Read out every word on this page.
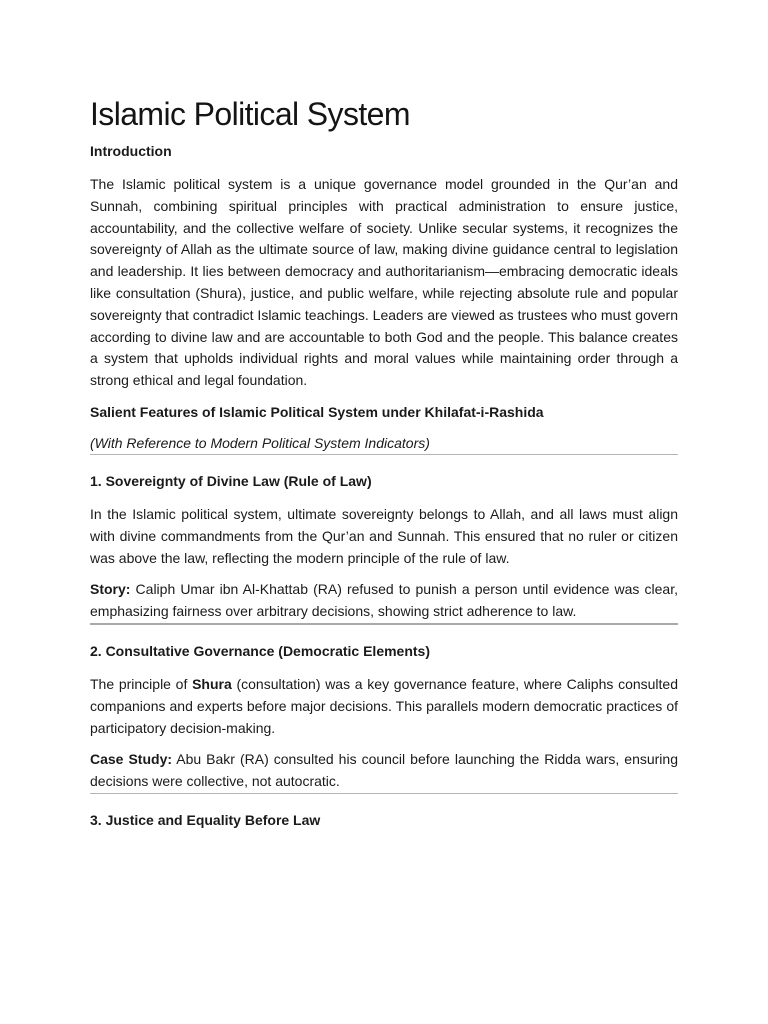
Islamic Political System
Introduction

The Islamic political system is a unique governance model grounded in the Qur’an and Sunnah, combining spiritual principles with practical administration to ensure justice, accountability, and the collective welfare of society. Unlike secular systems, it recognizes the sovereignty of Allah as the ultimate source of law, making divine guidance central to legislation and leadership. It lies between democracy and authoritarianism—embracing democratic ideals like consultation (Shura), justice, and public welfare, while rejecting absolute rule and popular sovereignty that contradict Islamic teachings. Leaders are viewed as trustees who must govern according to divine law and are accountable to both God and the people. This balance creates a system that upholds individual rights and moral values while maintaining order through a strong ethical and legal foundation.

Salient Features of Islamic Political System under Khilafat-i-Rashida
(With Reference to Modern Political System Indicators)
1. Sovereignty of Divine Law (Rule of Law)

In the Islamic political system, ultimate sovereignty belongs to Allah, and all laws must align with divine commandments from the Qur’an and Sunnah. This ensured that no ruler or citizen was above the law, reflecting the modern principle of the rule of law.

Story: Caliph Umar ibn Al-Khattab (RA) refused to punish a person until evidence was clear, emphasizing fairness over arbitrary decisions, showing strict adherence to law.

2. Consultative Governance (Democratic Elements)

The principle of Shura (consultation) was a key governance feature, where Caliphs consulted companions and experts before major decisions. This parallels modern democratic practices of participatory decision-making.

Case Study: Abu Bakr (RA) consulted his council before launching the Ridda wars, ensuring decisions were collective, not autocratic.

3. Justice and Equality Before Law
